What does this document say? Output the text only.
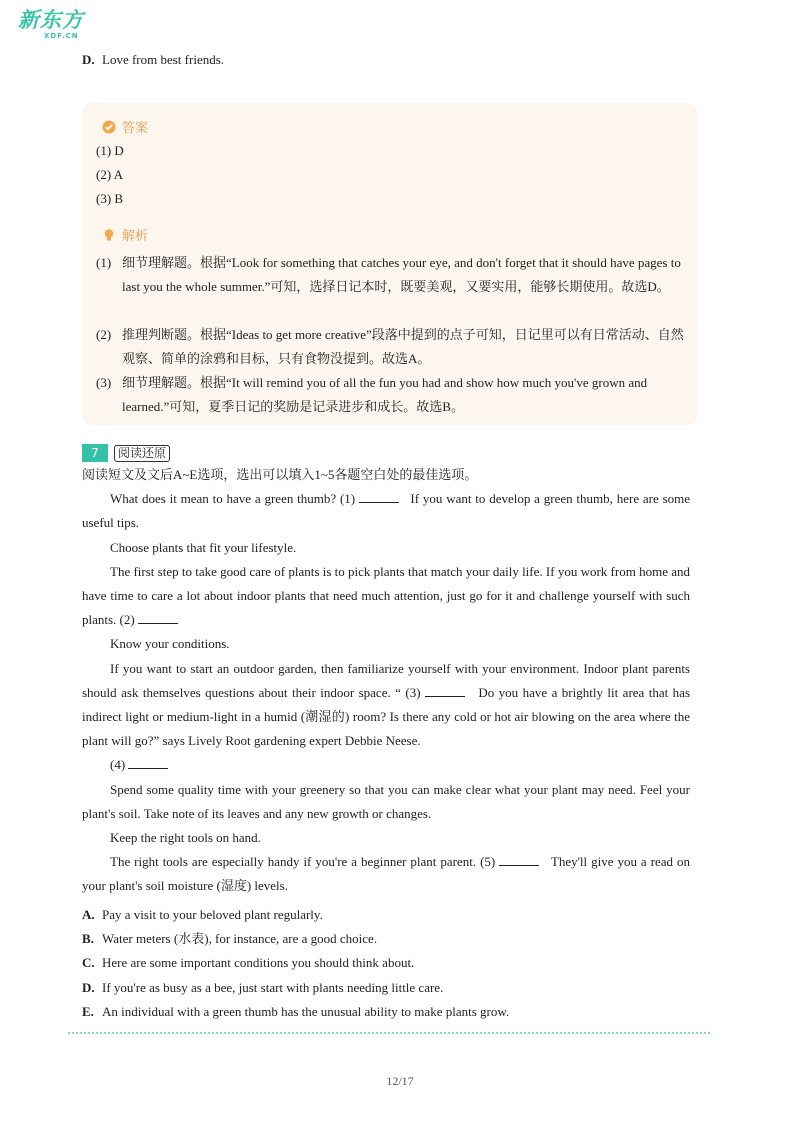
新东方
XDF.CN
D. Love from best friends.
答案
(1) D
(2) A
(3) B
解析
(1) 细节理解题。根据“Look for something that catches your eye, and don't forget that it should have pages to last you the whole summer.”可知，选择日记本时，既要美观，又要实用，能够长期使用。故选D。
(2) 推理判断题。根据“Ideas to get more creative”段落中提到的点子可知，日记里可以有日常活动、自然观察、简单的涂鸦和目标，只有食物没提到。故选A。
(3) 细节理解题。根据“It will remind you of all the fun you had and show how much you've grown and learned.”可知，夏季日记的奖励是记录进步和成长。故选B。
7	阅读还原

阅读短文及文后A~E选项，选出可以填入1~5各题空白处的最佳选项。

What does it mean to have a green thumb? (1)	If you want to develop a green thumb, here are some useful tips.

Choose plants that fit your lifestyle.

The first step to take good care of plants is to pick plants that match your daily life. If you work from home and have time to care a lot about indoor plants that need much attention, just go for it and challenge yourself with such plants. (2)

Know your conditions.

If you want to start an outdoor garden, then familiarize yourself with your environment. Indoor plant parents should ask themselves questions about their indoor space. “ (3)	Do you have a brightly lit area that has indirect light or medium-light in a humid (潮湿的) room? Is there any cold or hot air blowing on the area where the plant will go?” says Lively Root gardening expert Debbie Neese.

(4)

Spend some quality time with your greenery so that you can make clear what your plant may need. Feel your plant's soil. Take note of its leaves and any new growth or changes.

Keep the right tools on hand.

The right tools are especially handy if you're a beginner plant parent. (5)	They'll give you a read on your plant's soil moisture (湿度) levels.

A. Pay a visit to your beloved plant regularly.
B. Water meters (水表), for instance, are a good choice.
C. Here are some important conditions you should think about.
D. If you're as busy as a bee, just start with plants needing little care.
E. An individual with a green thumb has the unusual ability to make plants grow.
12/17
